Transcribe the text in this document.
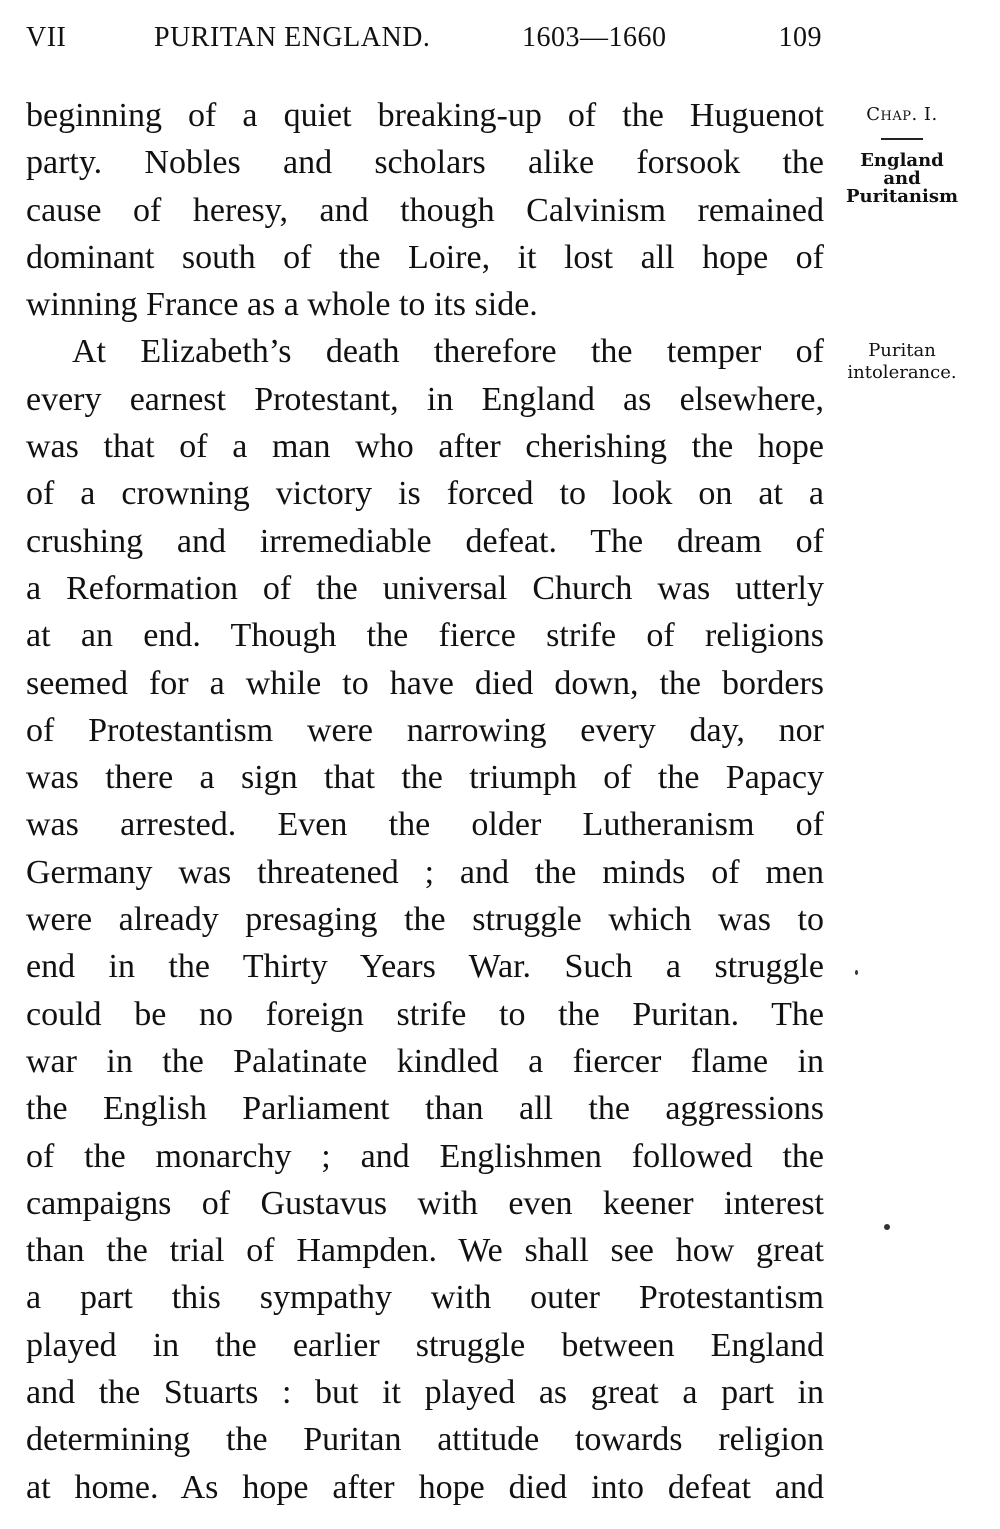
VII	PURITAN ENGLAND.	1603—1660	109
Chap. I.
England
and
Puritanism
Puritan
intolerance.
beginning of a quiet breaking-up of the Huguenot
party. Nobles and scholars alike forsook the
cause of heresy, and though Calvinism remained
dominant south of the Loire, it lost all hope of
winning France as a whole to its side.
At Elizabeth’s death therefore the temper of
every earnest Protestant, in England as elsewhere,
was that of a man who after cherishing the hope
of a crowning victory is forced to look on at a
crushing and irremediable defeat. The dream of
a Reformation of the universal Church was utterly
at an end. Though the fierce strife of religions
seemed for a while to have died down, the borders
of Protestantism were narrowing every day, nor
was there a sign that the triumph of the Papacy
was arrested. Even the older Lutheranism of
Germany was threatened ; and the minds of men
were already presaging the struggle which was to
end in the Thirty Years War. Such a struggle
could be no foreign strife to the Puritan. The
war in the Palatinate kindled a fiercer flame in
the English Parliament than all the aggressions
of the monarchy ; and Englishmen followed the
campaigns of Gustavus with even keener interest
than the trial of Hampden. We shall see how great
a part this sympathy with outer Protestantism
played in the earlier struggle between England
and the Stuarts : but it played as great a part in
determining the Puritan attitude towards religion
at home. As hope after hope died into defeat and
